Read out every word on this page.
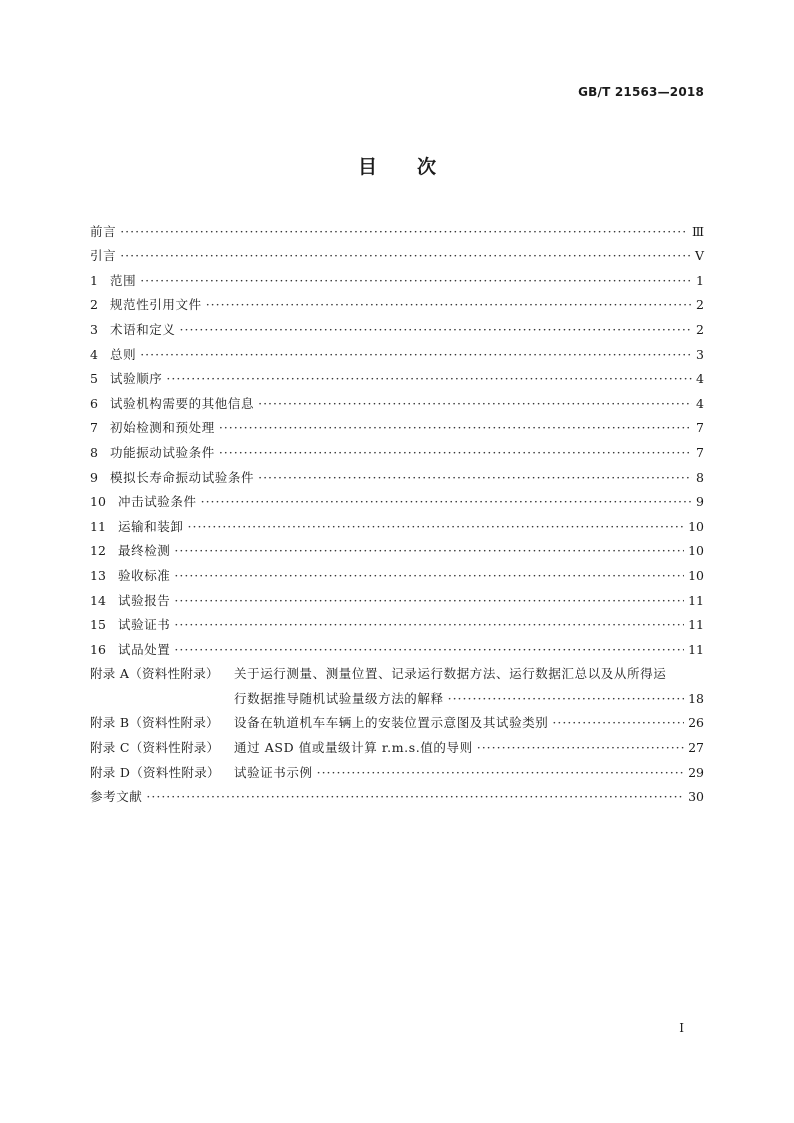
GB/T 21563—2018
目次
前言 ·····	Ⅲ
引言 ·····	Ⅴ
1 范围 ·····	1
2 规范性引用文件 ·····	2
3 术语和定义 ·····	2
4 总则 ·····	3
5 试验顺序 ·····	4
6 试验机构需要的其他信息 ·····	4
7 初始检测和预处理 ·····	7
8 功能振动试验条件 ·····	7
9 模拟长寿命振动试验条件 ·····	8
10 冲击试验条件 ·····	9
11 运输和装卸 ·····	10
12 最终检测 ·····	10
13 验收标准 ·····	10
14 试验报告 ·····	11
15 试验证书 ·····	11
16 试品处置 ·····	11
附录 A（资料性附录）	关于运行测量、测量位置、记录运行数据方法、运行数据汇总以及从所得运
行数据推导随机试验量级方法的解释 ·····	18
附录 B（资料性附录）	设备在轨道机车车辆上的安装位置示意图及其试验类别 ·····	26
附录 C（资料性附录）	通过 ASD 值或量级计算 r.m.s.值的导则 ·····	27
附录 D（资料性附录）	试验证书示例 ·····	29
参考文献 ·····	30
Ⅰ
